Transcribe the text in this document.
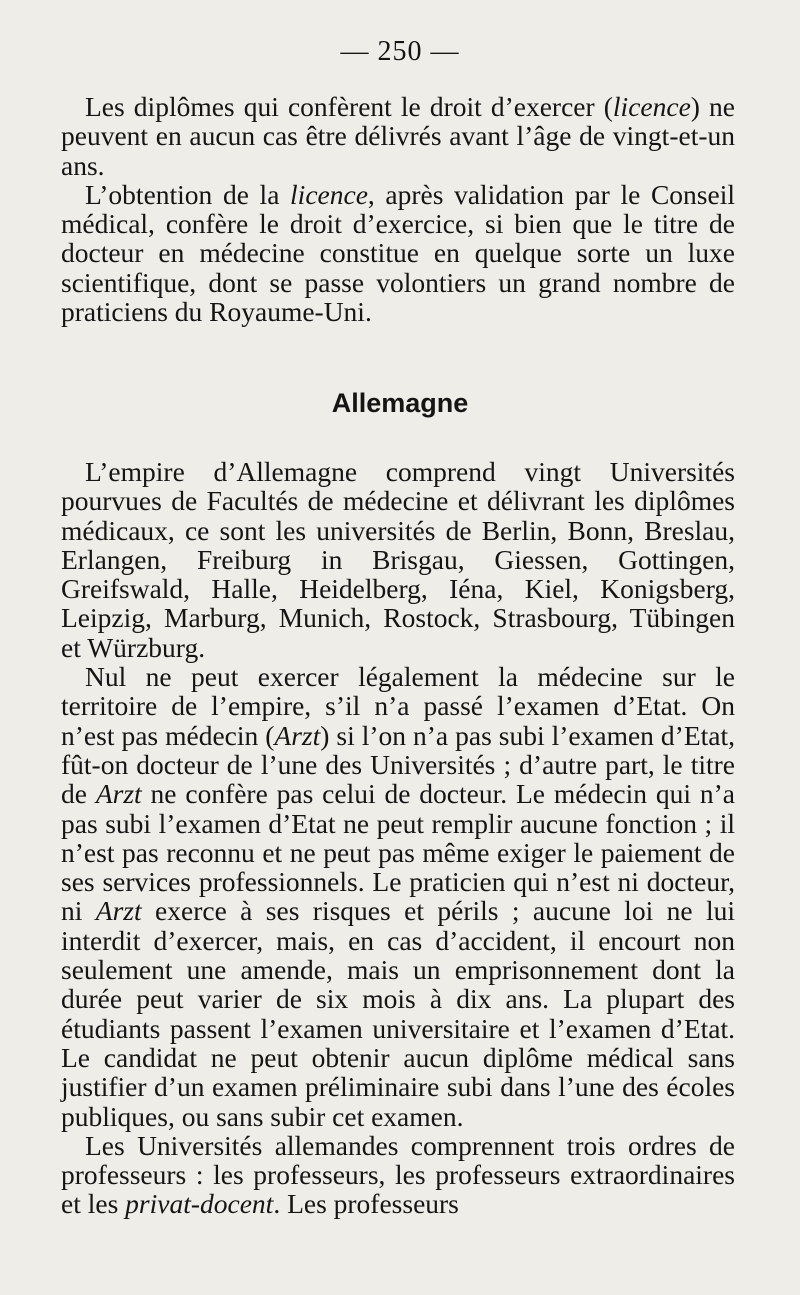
— 250 —

Les diplômes qui confèrent le droit d’exercer (licence) ne peuvent en aucun cas être délivrés avant l’âge de vingt-et-un ans.

L’obtention de la licence, après validation par le Conseil médical, confère le droit d’exercice, si bien que le titre de docteur en médecine constitue en quelque sorte un luxe scientifique, dont se passe volontiers un grand nombre de praticiens du Royaume-Uni.

Allemagne

L’empire d’Allemagne comprend vingt Universités pourvues de Facultés de médecine et délivrant les diplômes médicaux, ce sont les universités de Berlin, Bonn, Breslau, Erlangen, Freiburg in Brisgau, Giessen, Gottingen, Greifswald, Halle, Heidelberg, Iéna, Kiel, Konigsberg, Leipzig, Marburg, Munich, Rostock, Strasbourg, Tübingen et Würzburg.

Nul ne peut exercer légalement la médecine sur le territoire de l’empire, s’il n’a passé l’examen d’Etat. On n’est pas médecin (Arzt) si l’on n’a pas subi l’examen d’Etat, fût-on docteur de l’une des Universités ; d’autre part, le titre de Arzt ne confère pas celui de docteur. Le médecin qui n’a pas subi l’examen d’Etat ne peut remplir aucune fonction ; il n’est pas reconnu et ne peut pas même exiger le paiement de ses services professionnels. Le praticien qui n’est ni docteur, ni Arzt exerce à ses risques et périls ; aucune loi ne lui interdit d’exercer, mais, en cas d’accident, il encourt non seulement une amende, mais un emprisonnement dont la durée peut varier de six mois à dix ans. La plupart des étudiants passent l’examen universitaire et l’examen d’Etat. Le candidat ne peut obtenir aucun diplôme médical sans justifier d’un examen préliminaire subi dans l’une des écoles publiques, ou sans subir cet examen.

Les Universités allemandes comprennent trois ordres de professeurs : les professeurs, les professeurs extraordinaires et les privat-docent. Les professeurs
